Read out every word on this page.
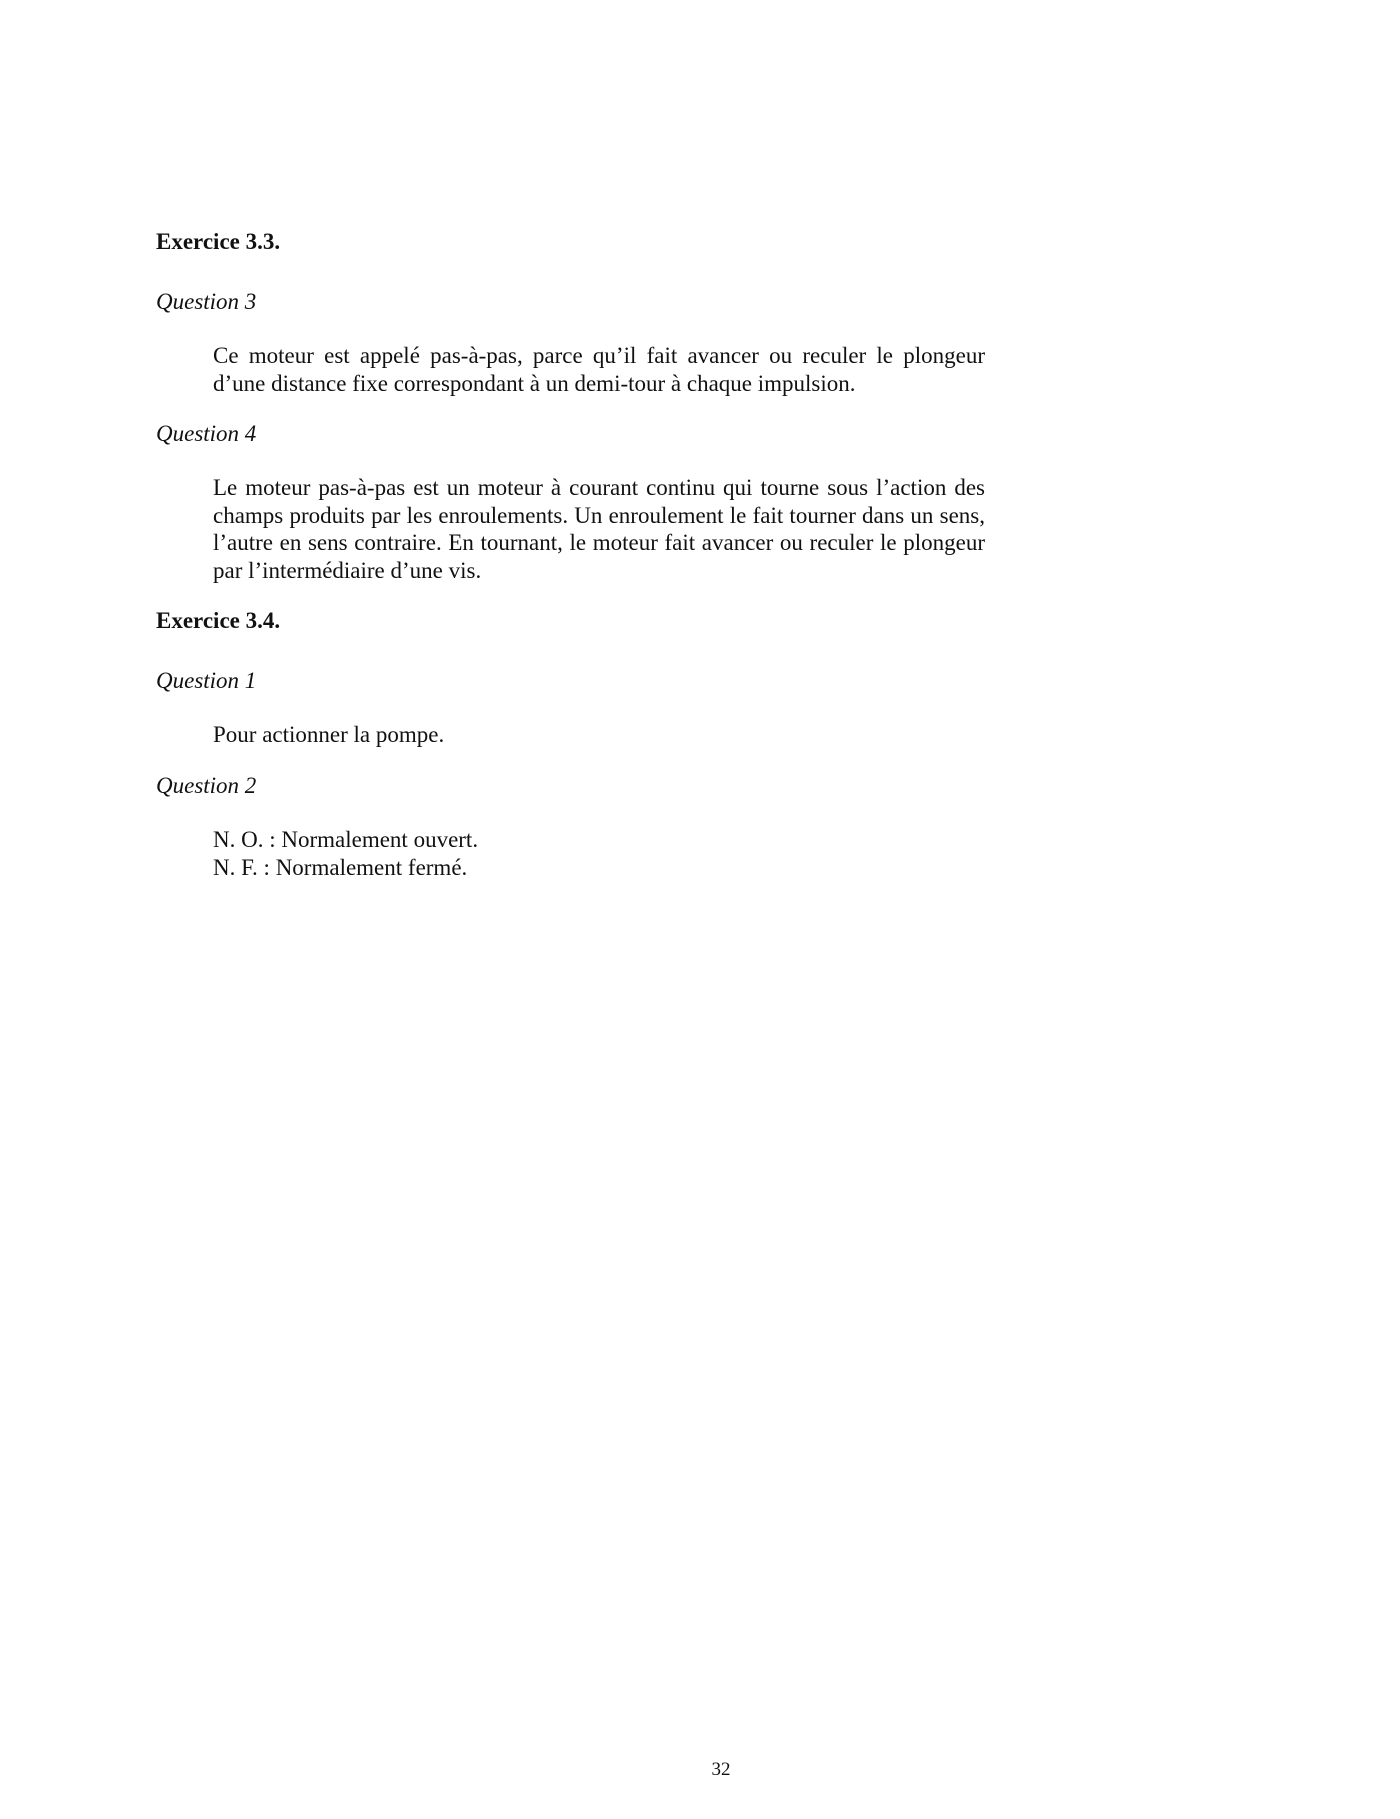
Exercice 3.3.

Question 3

Ce moteur est appelé pas-à-pas, parce qu’il fait avancer ou reculer le plongeur d’une distance fixe correspondant à un demi-tour à chaque impulsion.

Question 4

Le moteur pas-à-pas est un moteur à courant continu qui tourne sous l’action des champs produits par les enroulements. Un enroulement le fait tourner dans un sens, l’autre en sens contraire. En tournant, le moteur fait avancer ou reculer le plongeur par l’intermédiaire d’une vis.

Exercice 3.4.

Question 1

Pour actionner la pompe.

Question 2

N. O. : Normalement ouvert.
N. F. : Normalement fermé.
32
